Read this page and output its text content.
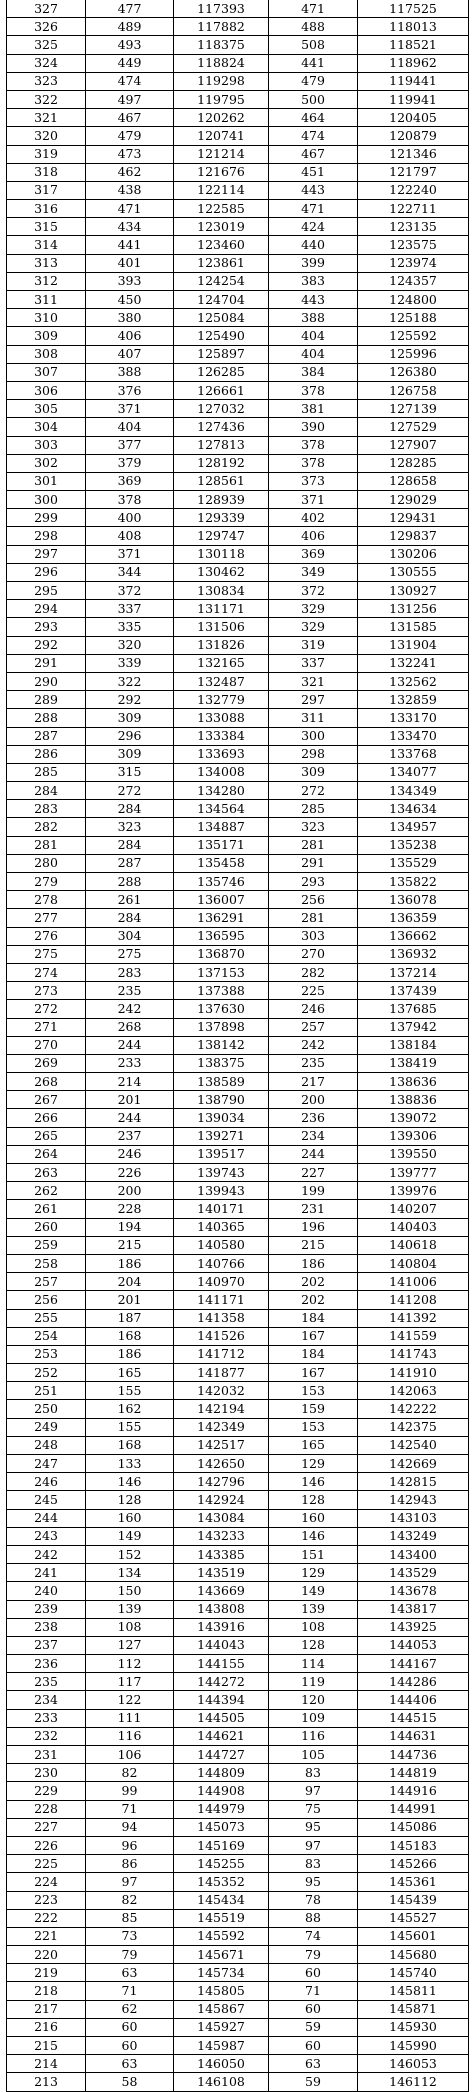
327	477	117393	471	117525
326	489	117882	488	118013
325	493	118375	508	118521
324	449	118824	441	118962
323	474	119298	479	119441
322	497	119795	500	119941
321	467	120262	464	120405
320	479	120741	474	120879
319	473	121214	467	121346
318	462	121676	451	121797
317	438	122114	443	122240
316	471	122585	471	122711
315	434	123019	424	123135
314	441	123460	440	123575
313	401	123861	399	123974
312	393	124254	383	124357
311	450	124704	443	124800
310	380	125084	388	125188
309	406	125490	404	125592
308	407	125897	404	125996
307	388	126285	384	126380
306	376	126661	378	126758
305	371	127032	381	127139
304	404	127436	390	127529
303	377	127813	378	127907
302	379	128192	378	128285
301	369	128561	373	128658
300	378	128939	371	129029
299	400	129339	402	129431
298	408	129747	406	129837
297	371	130118	369	130206
296	344	130462	349	130555
295	372	130834	372	130927
294	337	131171	329	131256
293	335	131506	329	131585
292	320	131826	319	131904
291	339	132165	337	132241
290	322	132487	321	132562
289	292	132779	297	132859
288	309	133088	311	133170
287	296	133384	300	133470
286	309	133693	298	133768
285	315	134008	309	134077
284	272	134280	272	134349
283	284	134564	285	134634
282	323	134887	323	134957
281	284	135171	281	135238
280	287	135458	291	135529
279	288	135746	293	135822
278	261	136007	256	136078
277	284	136291	281	136359
276	304	136595	303	136662
275	275	136870	270	136932
274	283	137153	282	137214
273	235	137388	225	137439
272	242	137630	246	137685
271	268	137898	257	137942
270	244	138142	242	138184
269	233	138375	235	138419
268	214	138589	217	138636
267	201	138790	200	138836
266	244	139034	236	139072
265	237	139271	234	139306
264	246	139517	244	139550
263	226	139743	227	139777
262	200	139943	199	139976
261	228	140171	231	140207
260	194	140365	196	140403
259	215	140580	215	140618
258	186	140766	186	140804
257	204	140970	202	141006
256	201	141171	202	141208
255	187	141358	184	141392
254	168	141526	167	141559
253	186	141712	184	141743
252	165	141877	167	141910
251	155	142032	153	142063
250	162	142194	159	142222
249	155	142349	153	142375
248	168	142517	165	142540
247	133	142650	129	142669
246	146	142796	146	142815
245	128	142924	128	142943
244	160	143084	160	143103
243	149	143233	146	143249
242	152	143385	151	143400
241	134	143519	129	143529
240	150	143669	149	143678
239	139	143808	139	143817
238	108	143916	108	143925
237	127	144043	128	144053
236	112	144155	114	144167
235	117	144272	119	144286
234	122	144394	120	144406
233	111	144505	109	144515
232	116	144621	116	144631
231	106	144727	105	144736
230	82	144809	83	144819
229	99	144908	97	144916
228	71	144979	75	144991
227	94	145073	95	145086
226	96	145169	97	145183
225	86	145255	83	145266
224	97	145352	95	145361
223	82	145434	78	145439
222	85	145519	88	145527
221	73	145592	74	145601
220	79	145671	79	145680
219	63	145734	60	145740
218	71	145805	71	145811
217	62	145867	60	145871
216	60	145927	59	145930
215	60	145987	60	145990
214	63	146050	63	146053
213	58	146108	59	146112
